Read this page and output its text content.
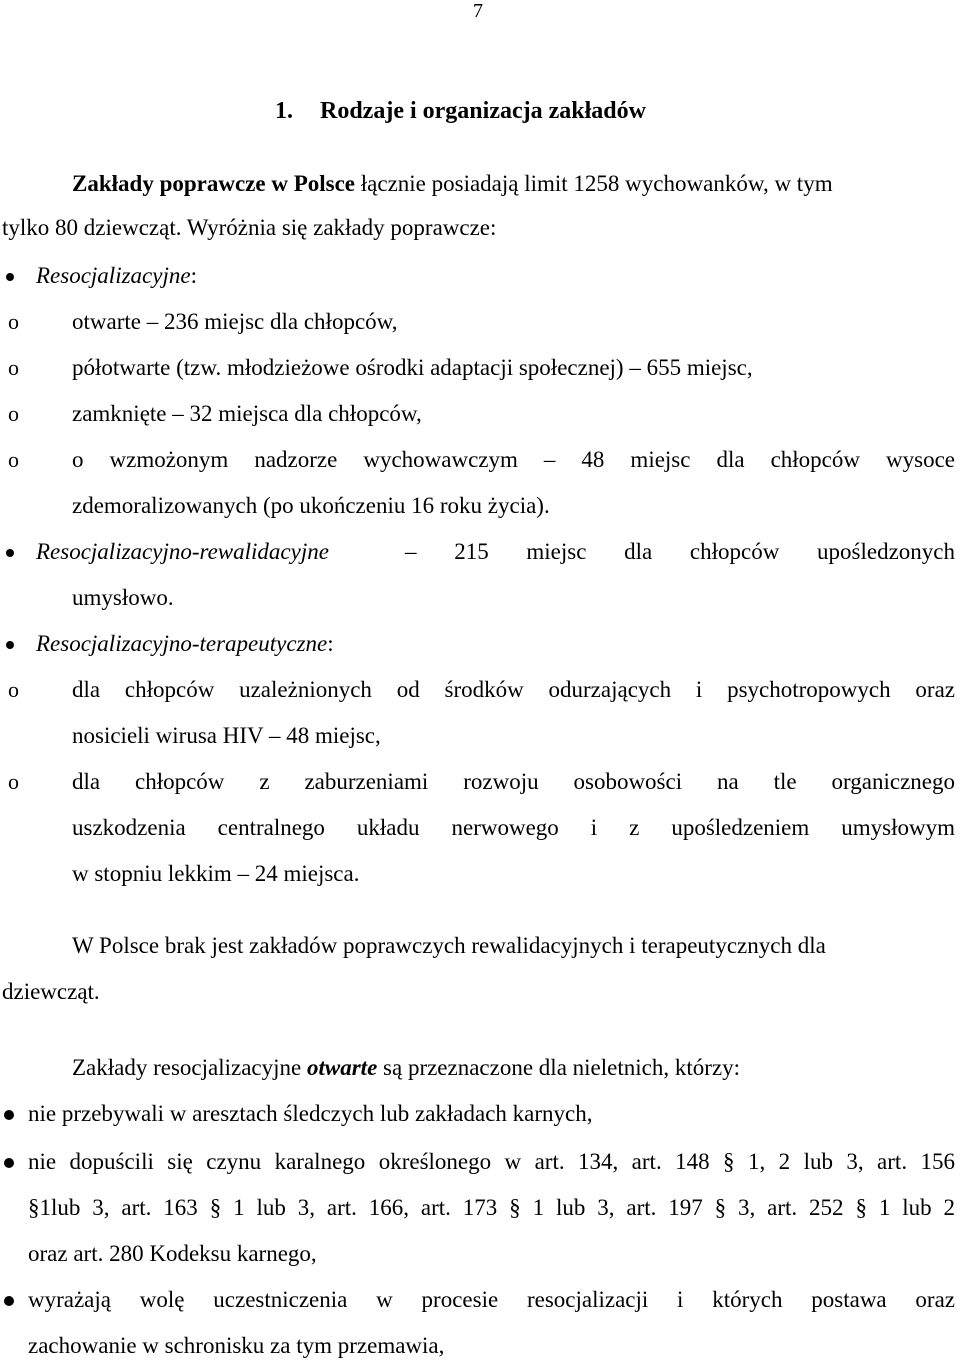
7
1. Rodzaje i organizacja zakładów
Zakłady poprawcze w Polsce łącznie posiadają limit 1258 wychowanków, w tym
tylko 80 dziewcząt. Wyróżnia się zakłady poprawcze:
Resocjalizacyjne:
o otwarte – 236 miejsc dla chłopców,
o półotwarte (tzw. młodzieżowe ośrodki adaptacji społecznej) – 655 miejsc,
o zamknięte – 32 miejsca dla chłopców,
o o wzmożonym nadzorze wychowawczym – 48 miejsc dla chłopców wysoce
zdemoralizowanych (po ukończeniu 16 roku życia).
Resocjalizacyjno-rewalidacyjne	– 215 miejsc dla chłopców upośledzonych
umysłowo.
Resocjalizacyjno-terapeutyczne:
o dla chłopców uzależnionych od środków odurzających i psychotropowych oraz
nosicieli wirusa HIV – 48 miejsc,
o dla chłopców z zaburzeniami rozwoju osobowości na tle organicznego
uszkodzenia centralnego układu nerwowego i z upośledzeniem umysłowym
w stopniu lekkim – 24 miejsca.
W Polsce brak jest zakładów poprawczych rewalidacyjnych i terapeutycznych dla
dziewcząt.
Zakłady resocjalizacyjne otwarte są przeznaczone dla nieletnich, którzy:
nie przebywali w aresztach śledczych lub zakładach karnych,
nie dopuścili się czynu karalnego określonego w art. 134, art. 148 § 1, 2 lub 3, art. 156
§1lub 3, art. 163 § 1 lub 3, art. 166, art. 173 § 1 lub 3, art. 197 § 3, art. 252 § 1 lub 2
oraz art. 280 Kodeksu karnego,
wyrażają wolę uczestniczenia w procesie resocjalizacji i których postawa oraz
zachowanie w schronisku za tym przemawia,
